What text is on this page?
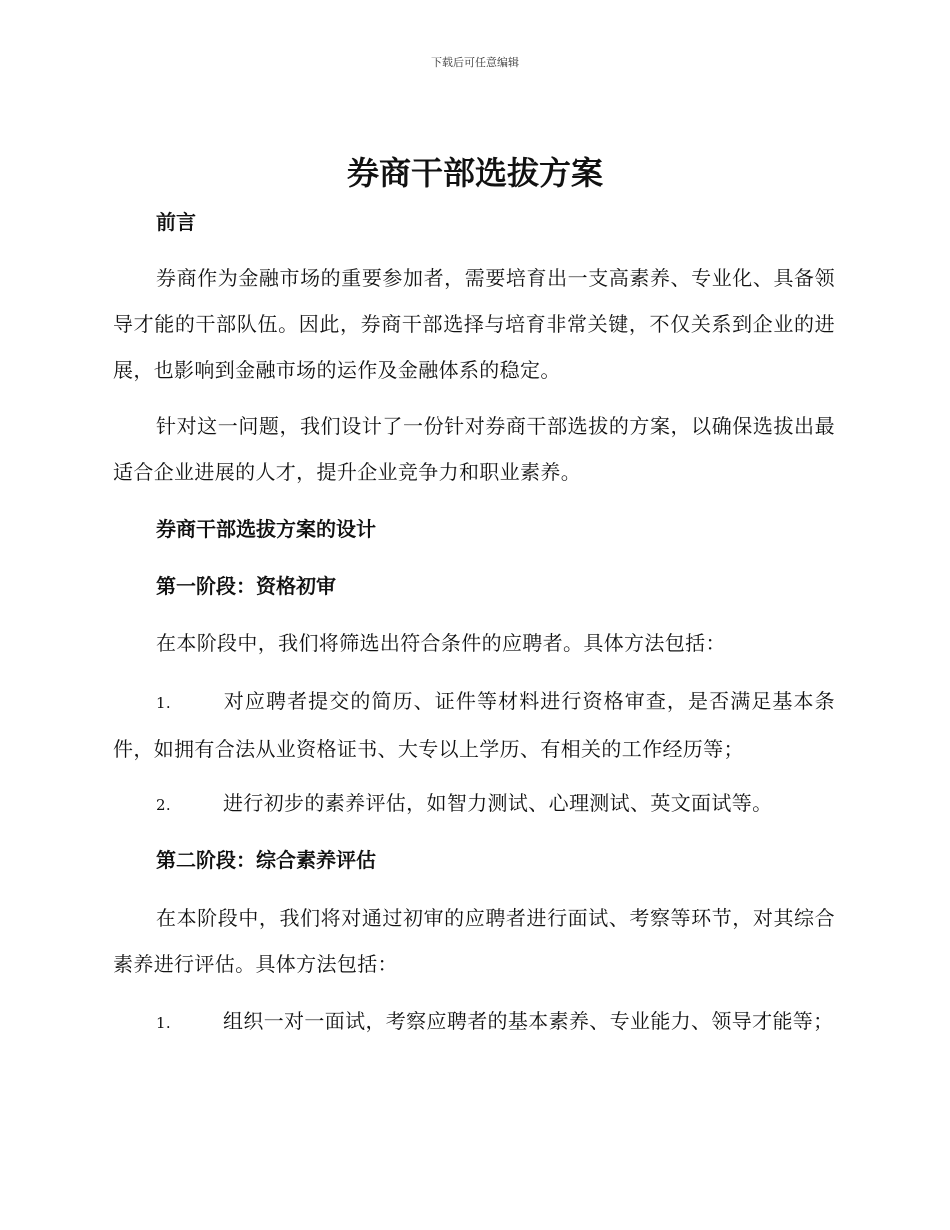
下载后可任意编辑
券商干部选拔方案
前言

券商作为金融市场的重要参加者，需要培育出一支高素养、专业化、具备领导才能的干部队伍。因此，券商干部选择与培育非常关键，不仅关系到企业的进展，也影响到金融市场的运作及金融体系的稳定。

针对这一问题，我们设计了一份针对券商干部选拔的方案，以确保选拔出最适合企业进展的人才，提升企业竞争力和职业素养。

券商干部选拔方案的设计
第一阶段：资格初审

在本阶段中，我们将筛选出符合条件的应聘者。具体方法包括：

1.	对应聘者提交的简历、证件等材料进行资格审查，是否满足基本条件，如拥有合法从业资格证书、大专以上学历、有相关的工作经历等；

2.	进行初步的素养评估，如智力测试、心理测试、英文面试等。

第二阶段：综合素养评估

在本阶段中，我们将对通过初审的应聘者进行面试、考察等环节，对其综合素养进行评估。具体方法包括：

1.	组织一对一面试，考察应聘者的基本素养、专业能力、领导才能等；
